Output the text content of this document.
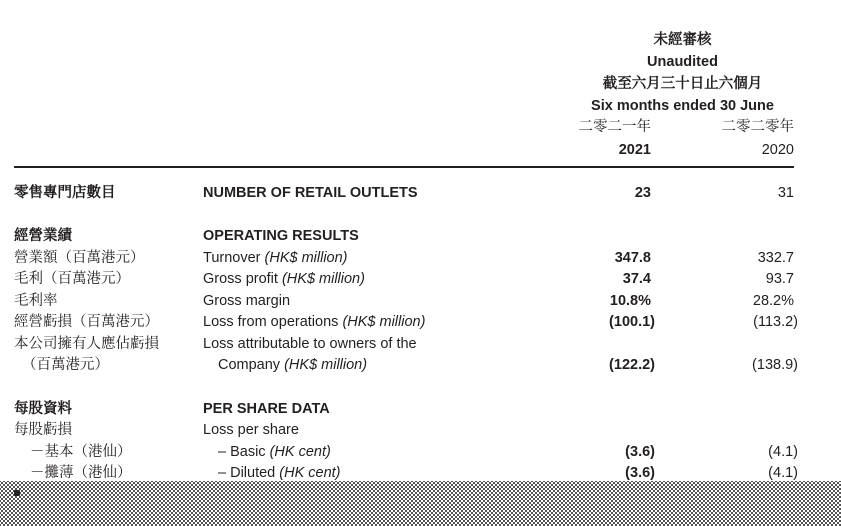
未經審核
Unaudited
截至六月三十日止六個月
Six months ended 30 June
二零二一年	二零二零年
2021	2020
零售專門店數目	NUMBER OF RETAIL OUTLETS	23	31
經營業績	OPERATING RESULTS
營業額（百萬港元）	Turnover (HK$ million)	347.8	332.7
毛利（百萬港元）	Gross profit (HK$ million)	37.4	93.7
毛利率	Gross margin	10.8%	28.2%
經營虧損（百萬港元）	Loss from operations (HK$ million)	(100.1)	(113.2)
本公司擁有人應佔虧損	Loss attributable to owners of the
（百萬港元）	Company (HK$ million)	(122.2)	(138.9)
每股資料	PER SHARE DATA
每股虧損	Loss per share
－基本（港仙）	– Basic (HK cent)	(3.6)	(4.1)
－攤薄（港仙）	– Diluted (HK cent)	(3.6)	(4.1)
